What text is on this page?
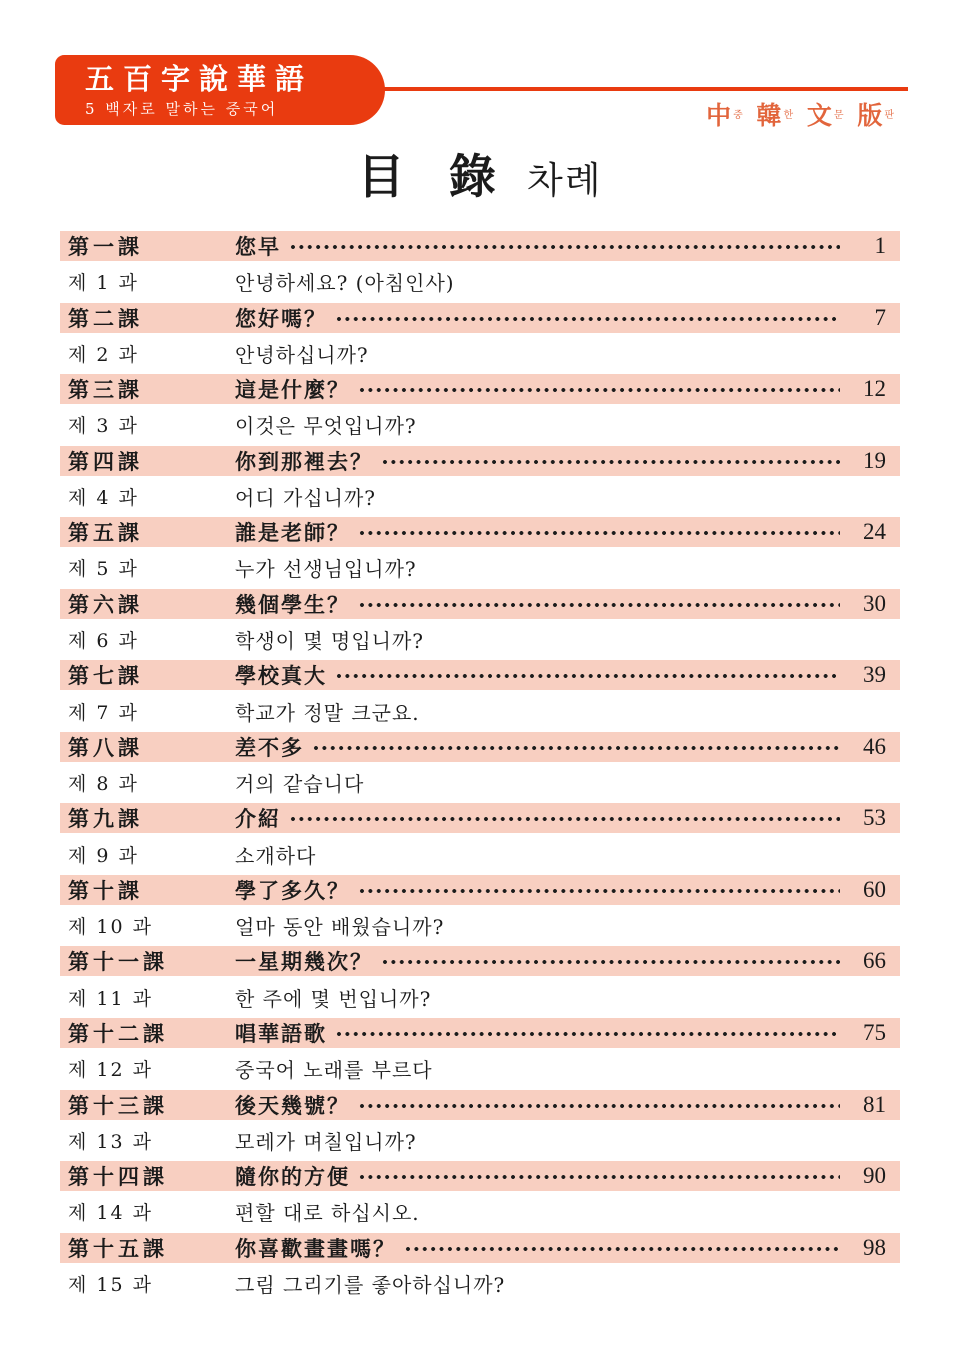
五百字說華語
5 백자로 말하는 중국어	中중 韓한 文문 版판
目 錄 차례
第一課	您早	1
제 1 과	안녕하세요? (아침인사)
第二課	您好嗎？	7
제 2 과	안녕하십니까?
第三課	這是什麼？	12
제 3 과	이것은 무엇입니까?
第四課	你到那裡去？	19
제 4 과	어디 가십니까?
第五課	誰是老師？	24
제 5 과	누가 선생님입니까?
第六課	幾個學生？	30
제 6 과	학생이 몇 명입니까?
第七課	學校真大	39
제 7 과	학교가 정말 크군요.
第八課	差不多	46
제 8 과	거의 같습니다
第九課	介紹	53
제 9 과	소개하다
第十課	學了多久？	60
제 10 과	얼마 동안 배웠습니까?
第十一課	一星期幾次？	66
제 11 과	한 주에 몇 번입니까?
第十二課	唱華語歌	75
제 12 과	중국어 노래를 부르다
第十三課	後天幾號？	81
제 13 과	모레가 며칠입니까?
第十四課	隨你的方便	90
제 14 과	편할 대로 하십시오.
第十五課	你喜歡畫畫嗎？	98
제 15 과	그림 그리기를 좋아하십니까?
